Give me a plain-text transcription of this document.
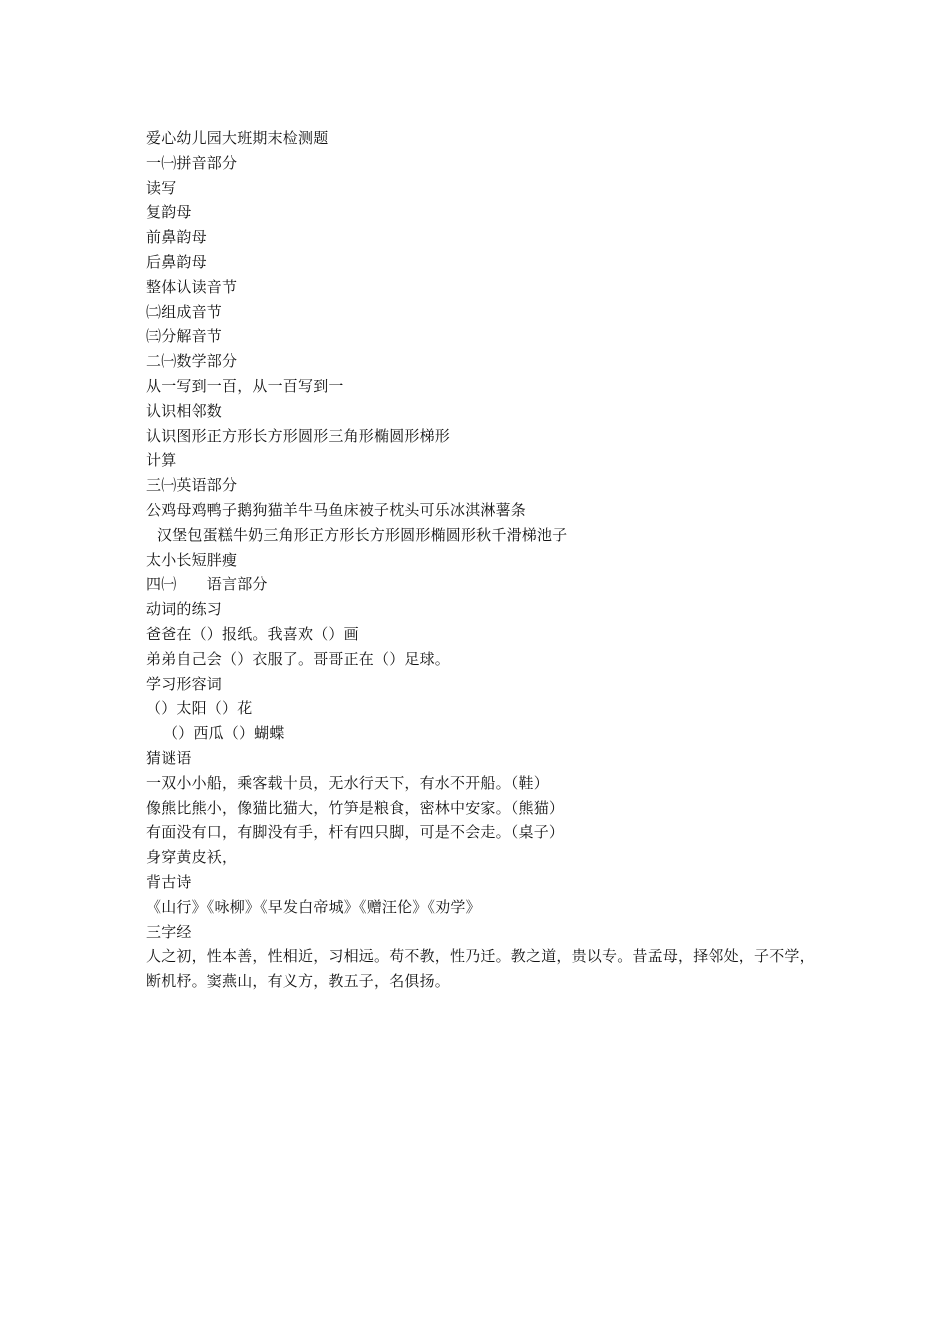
爱心幼儿园大班期末检测题
一㈠拼音部分
读写
复韵母
前鼻韵母
后鼻韵母
整体认读音节
㈡组成音节
㈢分解音节
二㈠数学部分
从一写到一百，从一百写到一
认识相邻数
认识图形正方形长方形圆形三角形椭圆形梯形
计算
三㈠英语部分
公鸡母鸡鸭子鹅狗猫羊牛马鱼床被子枕头可乐冰淇淋薯条
汉堡包蛋糕牛奶三角形正方形长方形圆形椭圆形秋千滑梯池子
太小长短胖瘦
四㈠　　语言部分
动词的练习
爸爸在（）报纸。我喜欢（）画
弟弟自己会（）衣服了。哥哥正在（）足球。
学习形容词
（）太阳（）花
（）西瓜（）蝴蝶
猜谜语
一双小小船，乘客载十员，无水行天下，有水不开船。（鞋）
像熊比熊小，像猫比猫大，竹笋是粮食，密林中安家。（熊猫）
有面没有口，有脚没有手，杆有四只脚，可是不会走。（桌子）
身穿黄皮袄，
背古诗
《山行》《咏柳》《早发白帝城》《赠汪伦》《劝学》
三字经
人之初，性本善，性相近，习相远。苟不教，性乃迁。教之道，贵以专。昔孟母，择邻处，子不学，
断机杼。窦燕山，有义方，教五子，名俱扬。
